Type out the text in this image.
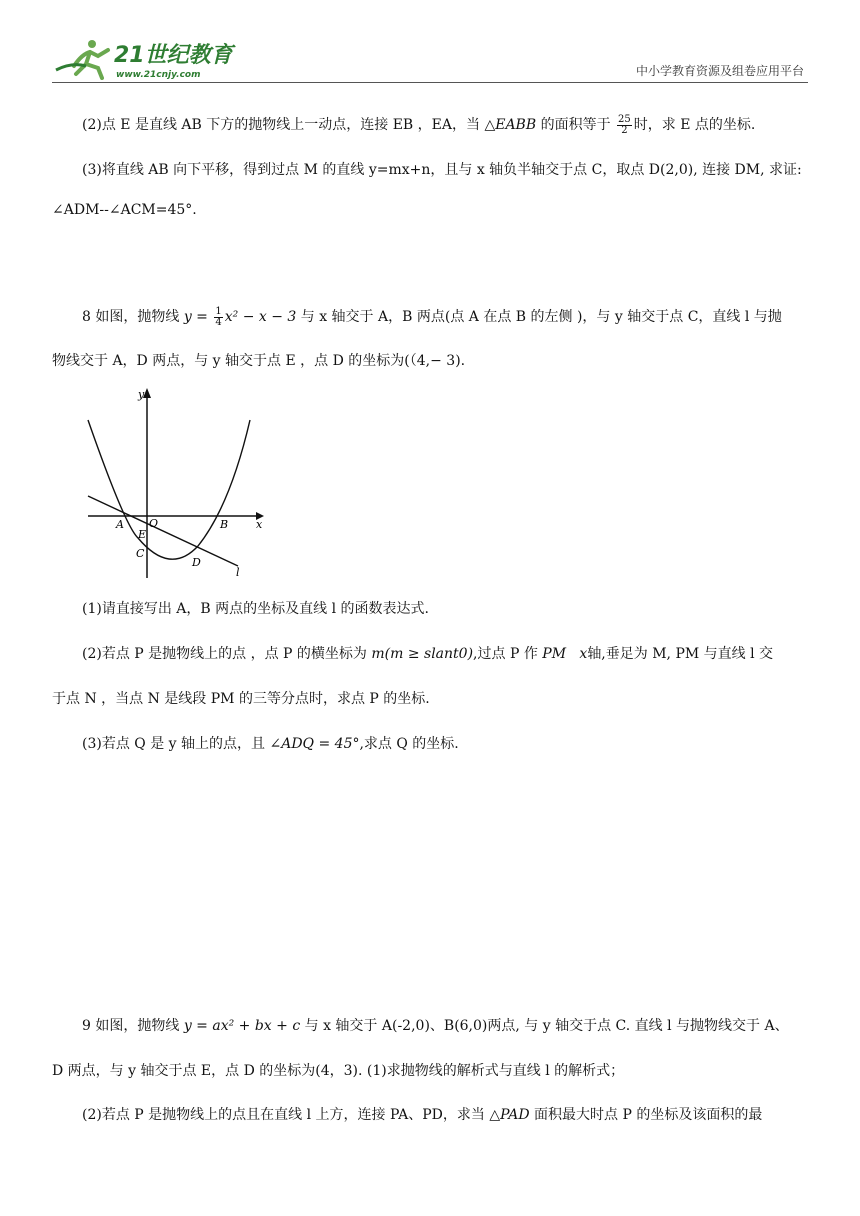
21世纪教育
www.21cnjy.com	中小学教育资源及组卷应用平台
(2)点 E 是直线 AB 下方的抛物线上一动点，连接 EB ，EA，当 △EABB 的面积等于 $\frac{25}{2}$ 时，求 E 点的坐标.
(3)将直线 AB 向下平移，得到过点 M 的直线 y=mx+n，且与 x 轴负半轴交于点 C，取点 D(2,0), 连接 DM, 求证:
∠ADM--∠ACM=45°.
8 如图，抛物线 $y = \frac{1}{4} x^2 - x - 3$ 与 x 轴交于 A，B 两点(点 A 在点 B 的左侧 )，与 y 轴交于点 C，直线 l 与抛
物线交于 A，D 两点，与 y 轴交于点 E ，点 D 的坐标为(（4,− 3).
y
x
A O	B
E
C
D
l
(1)请直接写出 A，B 两点的坐标及直线 l 的函数表达式.
(2)若点 P 是抛物线上的点 ，点 P 的横坐标为 m(m ≥ slant0),过点 P 作 PM x轴,垂足为 M, PM 与直线 l 交
于点 N ，当点 N 是线段 PM 的三等分点时，求点 P 的坐标.
(3)若点 Q 是 y 轴上的点，且 ∠ADQ = 45°,求点 Q 的坐标.
9 如图，抛物线 y = ax² + bx + c 与 x 轴交于 A(-2,0)、B(6,0)两点, 与 y 轴交于点 C. 直线 l 与抛物线交于 A、
D 两点，与 y 轴交于点 E，点 D 的坐标为(4，3). (1)求抛物线的解析式与直线 l 的解析式；
(2)若点 P 是抛物线上的点且在直线 l 上方，连接 PA、PD，求当 △PAD 面积最大时点 P 的坐标及该面积的最
